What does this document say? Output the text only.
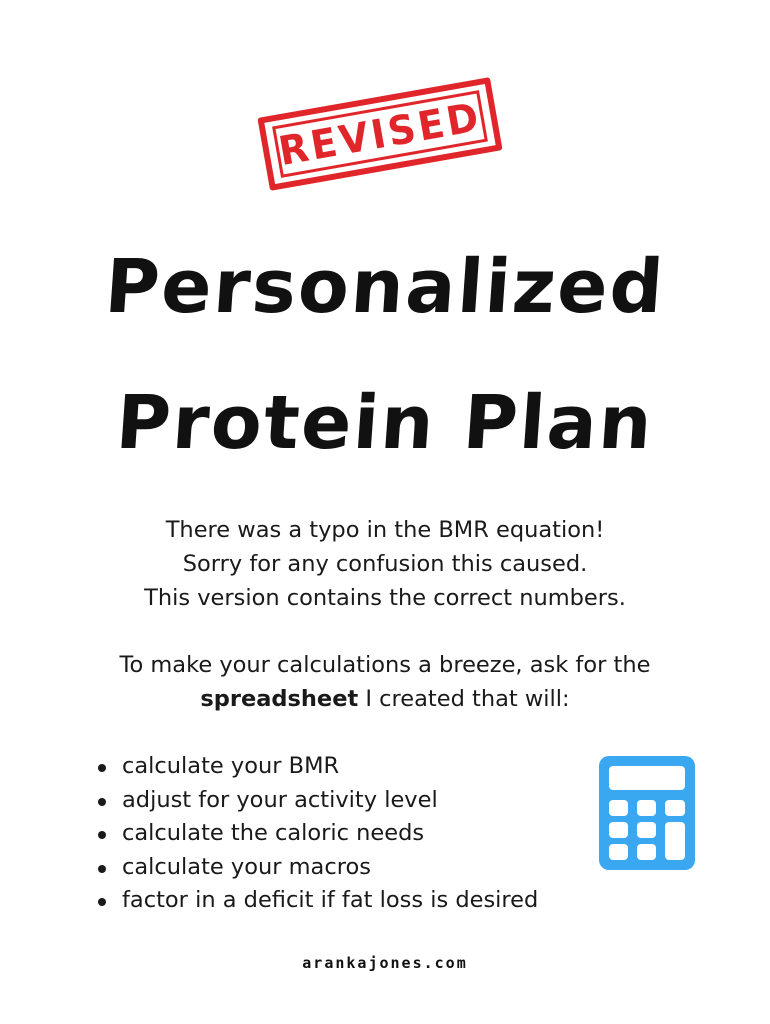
REVISED
Personalized
Protein Plan
There was a typo in the BMR equation!
Sorry for any confusion this caused.
This version contains the correct numbers.
To make your calculations a breeze, ask for the
spreadsheet I created that will:
calculate your BMR
adjust for your activity level
calculate the caloric needs
calculate your macros
factor in a deficit if fat loss is desired
arankajones.com
